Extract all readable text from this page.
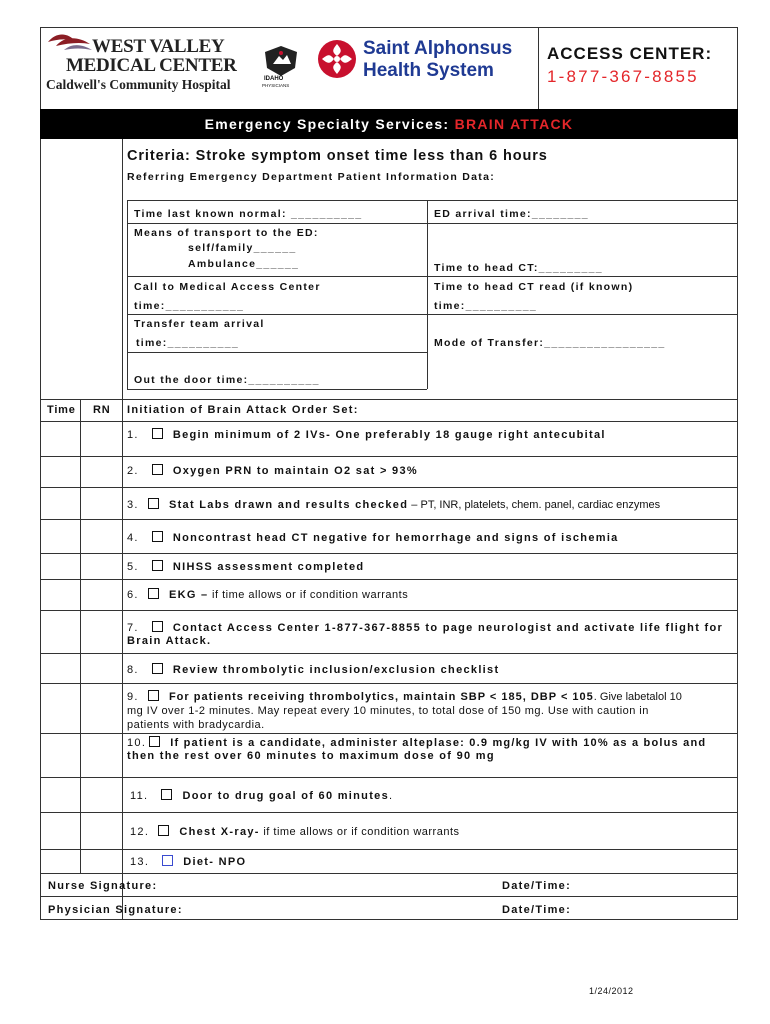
WEST VALLEY
MEDICAL CENTER
Caldwell's Community Hospital	IDAHO
PHYSICIANS
Saint Alphonsus
Health System
ACCESS CENTER:
1-877-367-8855
Emergency Specialty Services: BRAIN ATTACK
Criteria: Stroke symptom onset time less than 6 hours
Referring Emergency Department Patient Information Data:
Time last known normal: __________	ED arrival time:________
Means of transport to the ED:
self/family______
Ambulance______	Time to head CT:_________
Call to Medical Access Center	Time to head CT read (if known)
time:___________	time:__________
Transfer team arrival
time:__________	Mode of Transfer:_________________
Out the door time:__________
Time RN Initiation of Brain Attack Order Set:
1.	Begin minimum of 2 IVs- One preferably 18 gauge right antecubital
2.	Oxygen PRN to maintain O2 sat > 93%
3.	Stat Labs drawn and results checked – PT, INR, platelets, chem. panel, cardiac enzymes
4.	Noncontrast head CT negative for hemorrhage and signs of ischemia
5.	NIHSS assessment completed
6.	EKG – if time allows or if condition warrants
7.	Contact Access Center 1-877-367-8855 to page neurologist and activate life flight for
Brain Attack.
8.	Review thrombolytic inclusion/exclusion checklist
9.	For patients receiving thrombolytics, maintain SBP < 185, DBP < 105. Give labetalol 10
mg IV over 1-2 minutes. May repeat every 10 minutes, to total dose of 150 mg. Use with caution in
patients with bradycardia.
10. If patient is a candidate, administer alteplase: 0.9 mg/kg IV with 10% as a bolus and
then the rest over 60 minutes to maximum dose of 90 mg
11.	Door to drug goal of 60 minutes.
12.	Chest X-ray- if time allows or if condition warrants
13.	Diet- NPO
Nurse Signature:	Date/Time:
Physician Signature:	Date/Time:
1/24/2012
